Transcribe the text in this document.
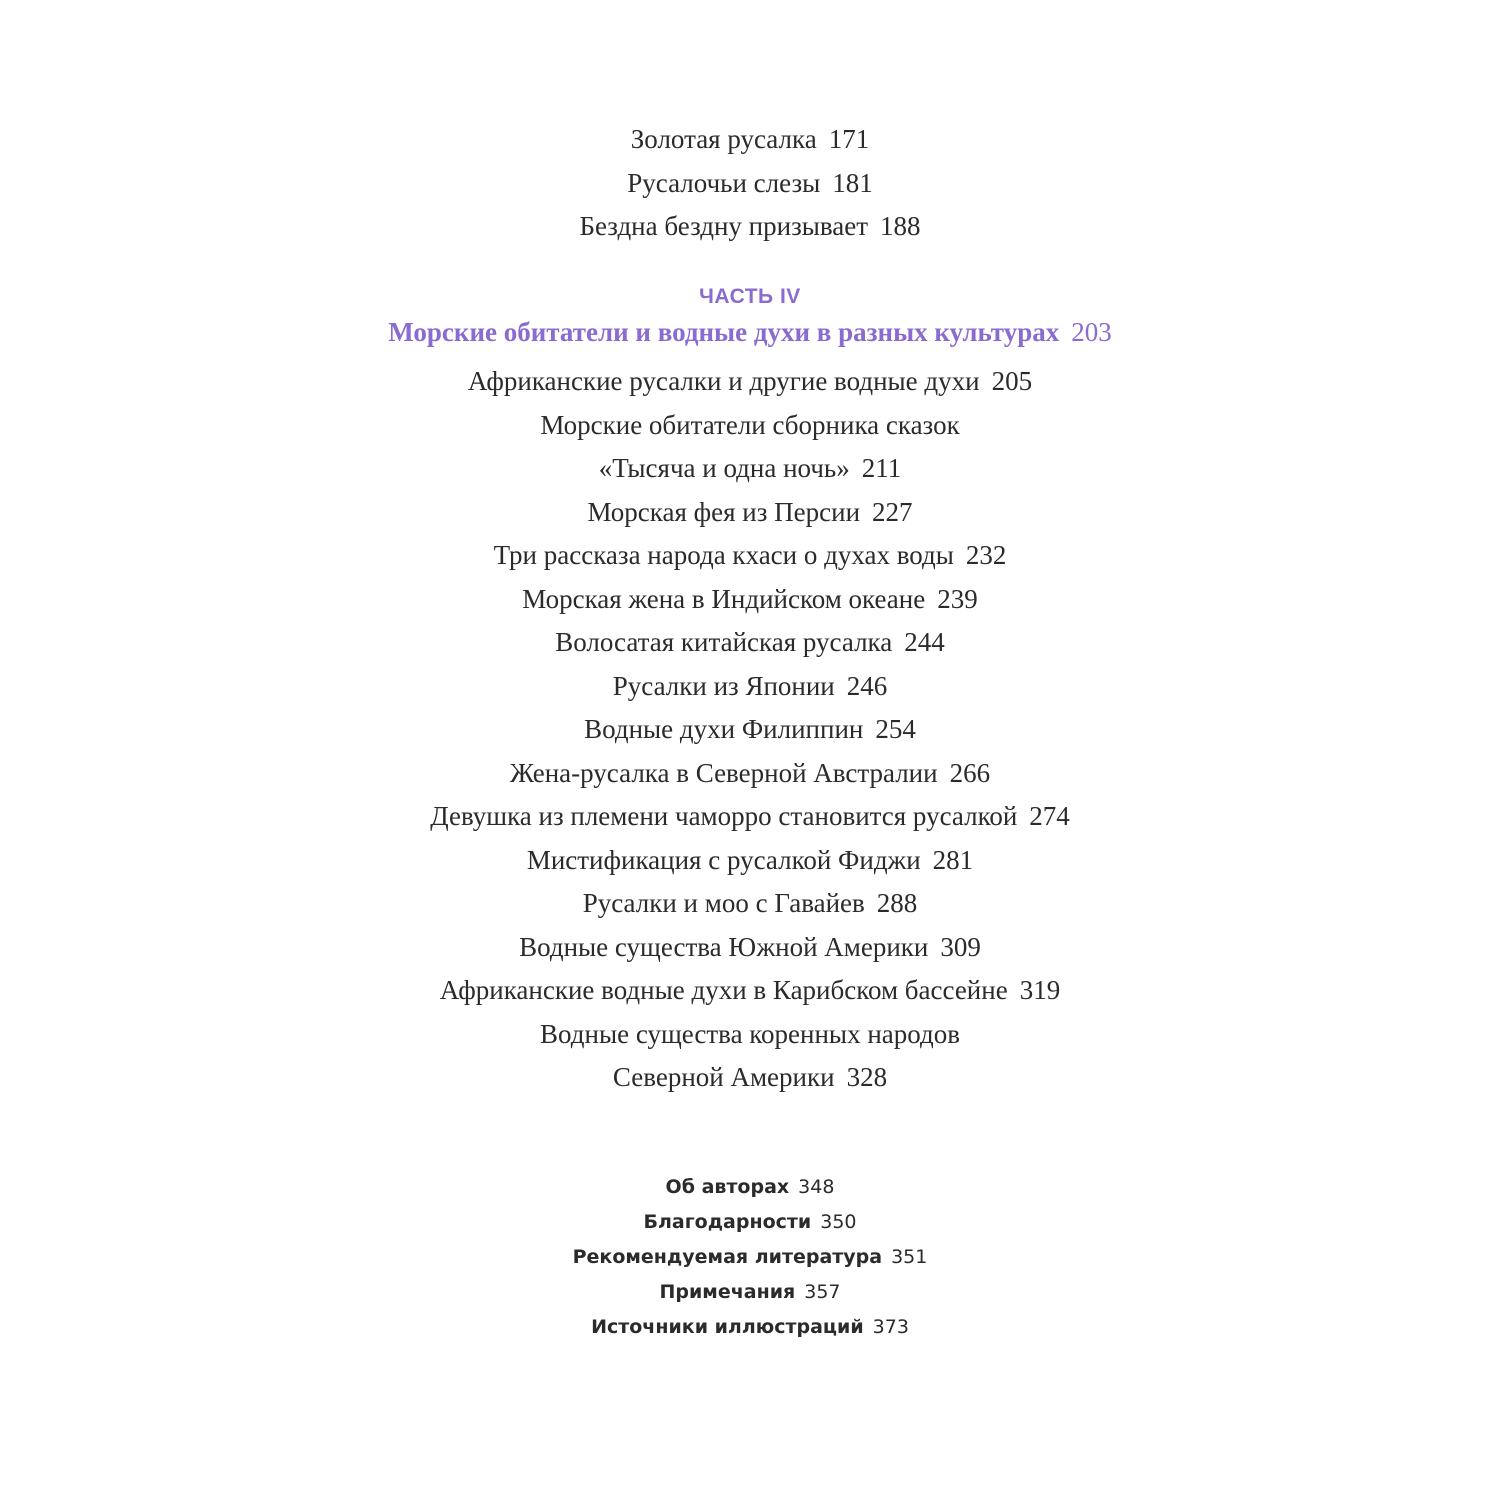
Золотая русалка 171
Русалочьи слезы 181
Бездна бездну призывает 188
ЧАСТЬ IV
Морские обитатели и водные духи в разных культурах 203
Африканские русалки и другие водные духи 205
Морские обитатели сборника сказок
«Тысяча и одна ночь» 211
Морская фея из Персии 227
Три рассказа народа кхаси о духах воды 232
Морская жена в Индийском океане 239
Волосатая китайская русалка 244
Русалки из Японии 246
Водные духи Филиппин 254
Жена-русалка в Северной Австралии 266
Девушка из племени чаморро становится русалкой 274
Мистификация с русалкой Фиджи 281
Русалки и моо с Гавайев 288
Водные существа Южной Америки 309
Африканские водные духи в Карибском бассейне 319
Водные существа коренных народов
Северной Америки 328
Об авторах 348
Благодарности 350
Рекомендуемая литература 351
Примечания 357
Источники иллюстраций 373
